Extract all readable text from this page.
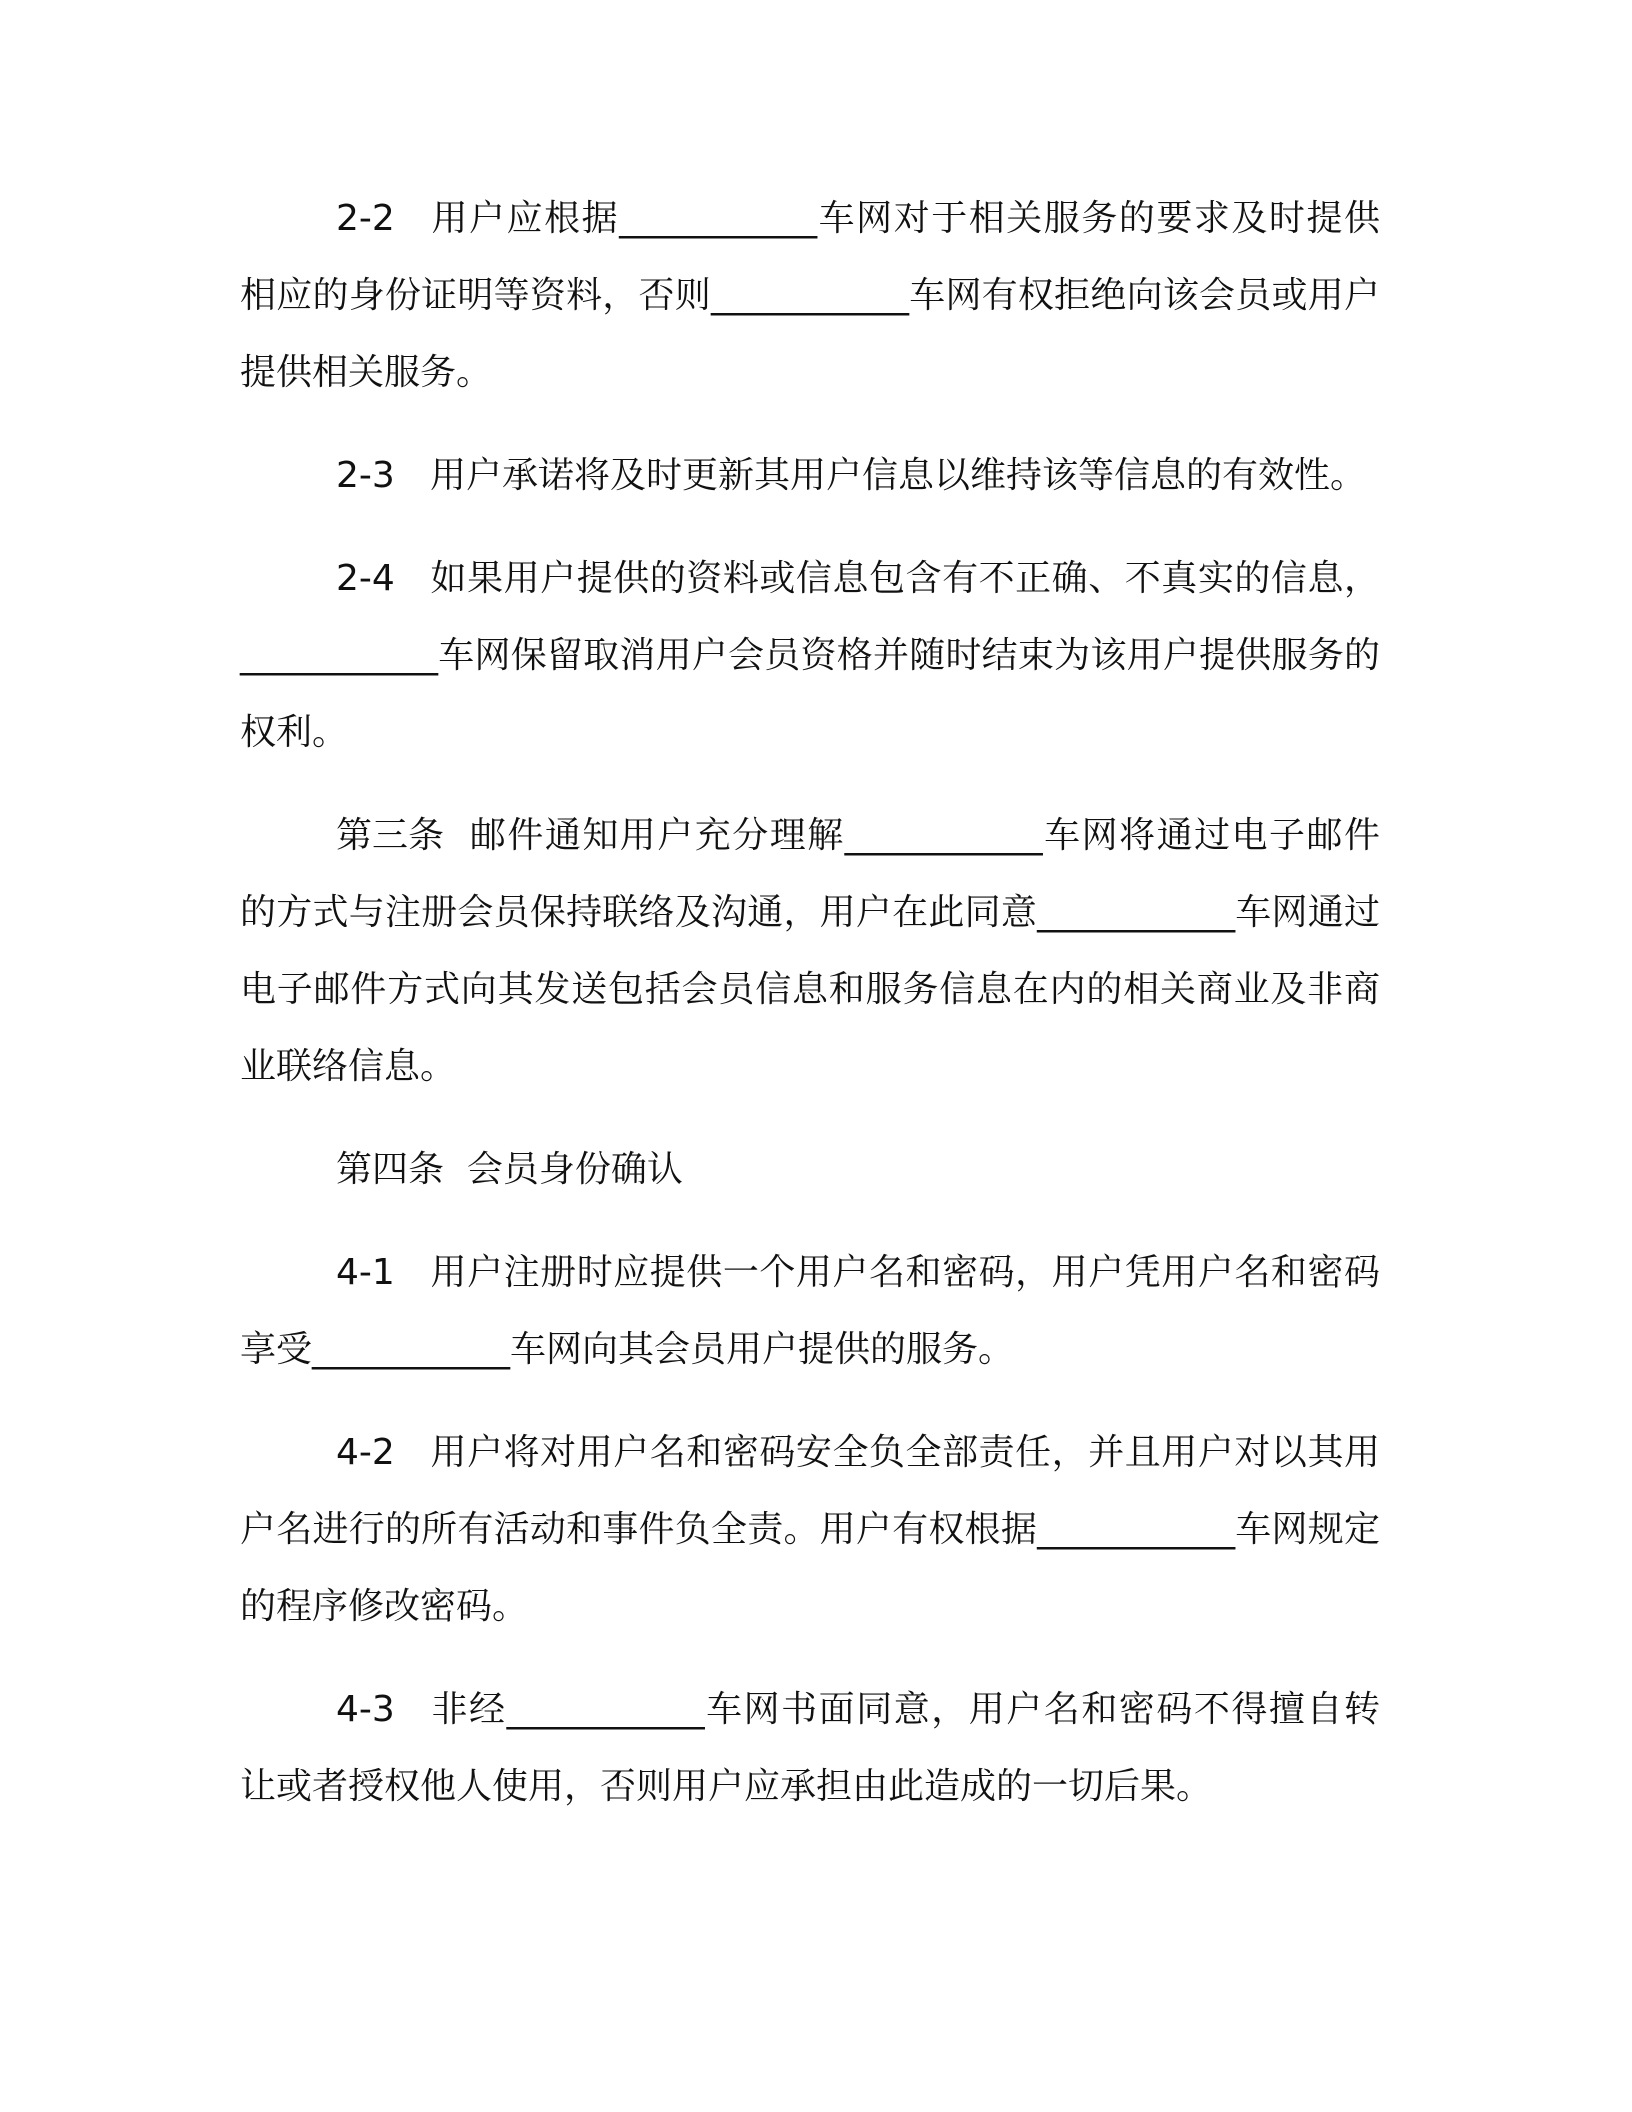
2-2 用户应根据___________车网对于相关服务的要求及时提供相应的身份证明等资料，否则___________车网有权拒绝向该会员或用户提供相关服务。

2-3 用户承诺将及时更新其用户信息以维持该等信息的有效性。

2-4 如果用户提供的资料或信息包含有不正确、不真实的信息，___________车网保留取消用户会员资格并随时结束为该用户提供服务的权利。

第三条 邮件通知用户充分理解___________车网将通过电子邮件的方式与注册会员保持联络及沟通，用户在此同意___________车网通过电子邮件方式向其发送包括会员信息和服务信息在内的相关商业及非商业联络信息。

第四条 会员身份确认

4-1 用户注册时应提供一个用户名和密码，用户凭用户名和密码享受___________车网向其会员用户提供的服务。

4-2 用户将对用户名和密码安全负全部责任，并且用户对以其用户名进行的所有活动和事件负全责。用户有权根据___________车网规定的程序修改密码。

4-3 非经___________车网书面同意，用户名和密码不得擅自转让或者授权他人使用，否则用户应承担由此造成的一切后果。
